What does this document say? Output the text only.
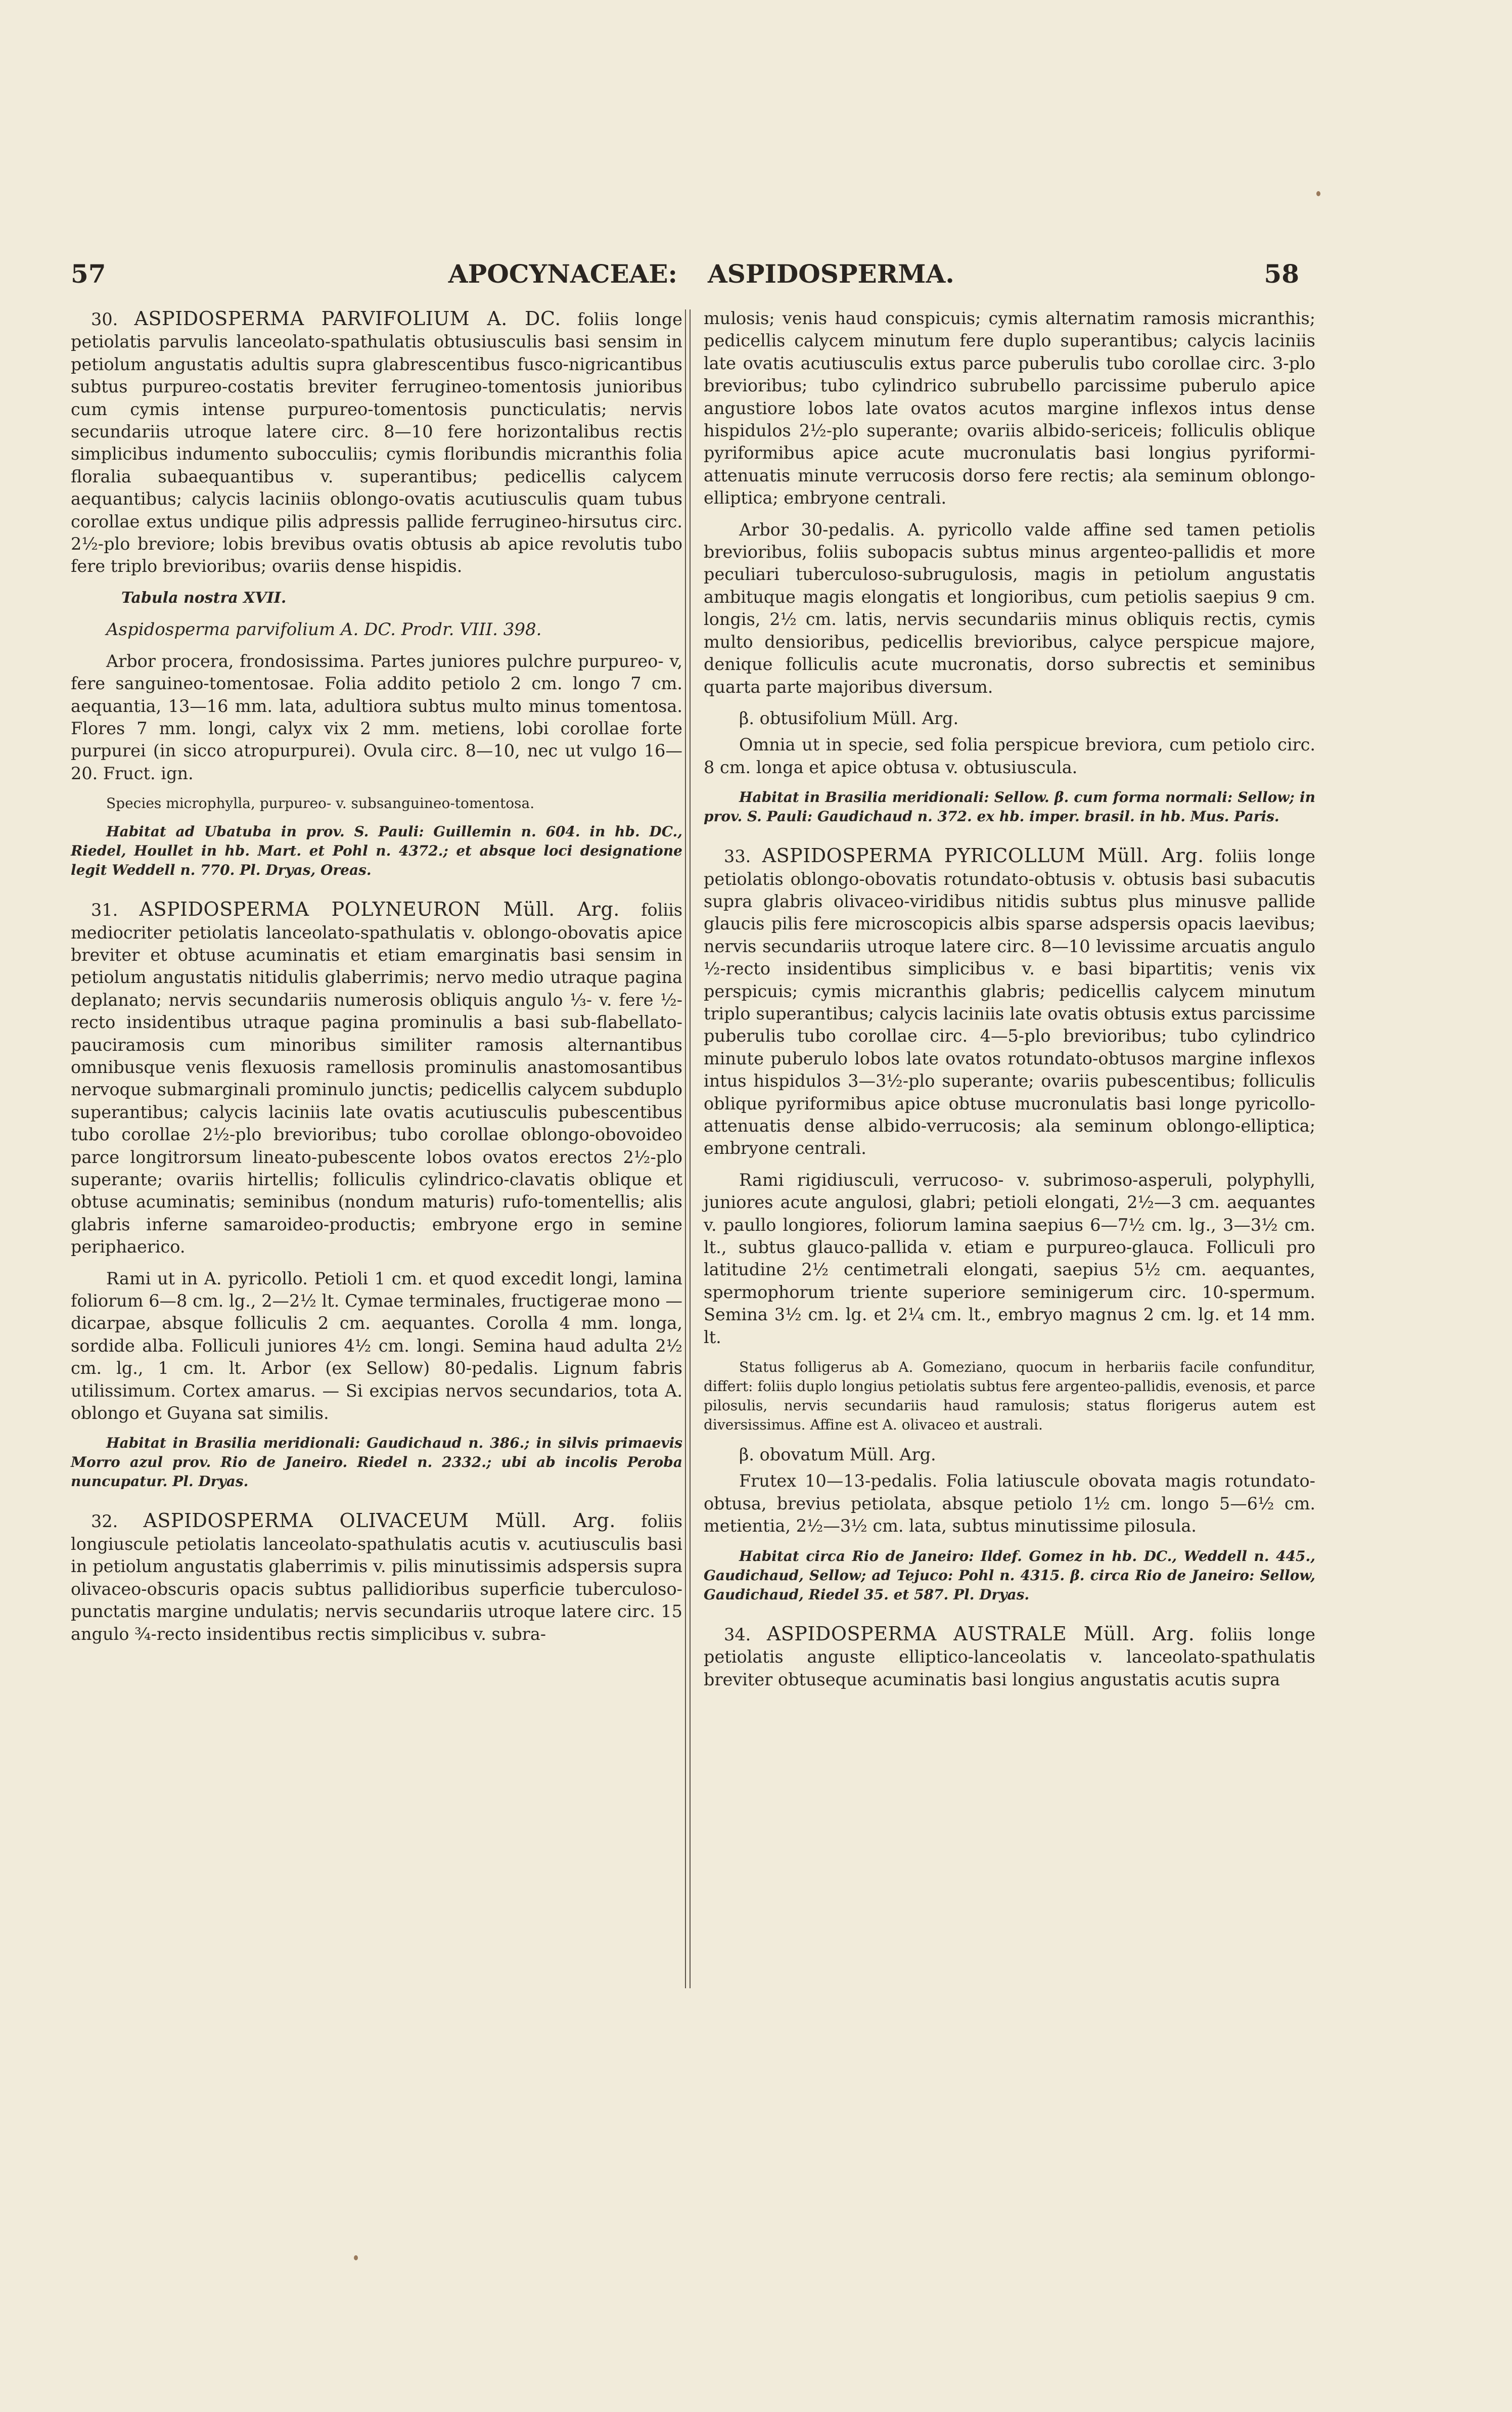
57	APOCYNACEAE: ASPIDOSPERMA.	58

30. ASPIDOSPERMA PARVIFOLIUM A. DC. foliis longe petiolatis parvulis lanceolato-spathulatis obtusiusculis basi sensim in petiolum angustatis adultis supra glabrescentibus fusco-nigricantibus subtus purpureo-costatis breviter ferrugineo-tomentosis junioribus cum cymis intense purpureo-tomentosis puncticulatis; nervis secundariis utroque latere circ. 8—10 fere horizontalibus rectis simplicibus indumento subocculiis; cymis floribundis micranthis folia floralia subaequantibus v. superantibus; pedicellis calycem aequantibus; calycis laciniis oblongo-ovatis acutiusculis quam tubus corollae extus undique pilis adpressis pallide ferrugineo-hirsutus circ. 2½-plo breviore; lobis brevibus ovatis obtusis ab apice revolutis tubo fere triplo brevioribus; ovariis dense hispidis.

Tabula nostra XVII.

Aspidosperma parvifolium A. DC. Prodr. VIII. 398.

Arbor procera, frondosissima. Partes juniores pulchre purpureo- v, fere sanguineo-tomentosae. Folia addito petiolo 2 cm. longo 7 cm. aequantia, 13—16 mm. lata, adultiora subtus multo minus tomentosa. Flores 7 mm. longi, calyx vix 2 mm. metiens, lobi corollae forte purpurei (in sicco atropurpurei). Ovula circ. 8—10, nec ut vulgo 16—20. Fruct. ign.

Species microphylla, purpureo- v. subsanguineo-tomentosa.

Habitat ad Ubatuba in prov. S. Pauli: Guillemin n. 604. in hb. DC., Riedel, Houllet in hb. Mart. et Pohl n. 4372.; et absque loci designatione legit Weddell n. 770. Pl. Dryas, Oreas.

31. ASPIDOSPERMA POLYNEURON Müll. Arg. foliis mediocriter petiolatis lanceolato-spathulatis v. oblongo-obovatis apice breviter et obtuse acuminatis et etiam emarginatis basi sensim in petiolum angustatis nitidulis glaberrimis; nervo medio utraque pagina deplanato; nervis secundariis numerosis obliquis angulo ⅓- v. fere ½-recto insidentibus utraque pagina prominulis a basi sub-flabellato-pauciramosis cum minoribus similiter ramosis alternantibus omnibusque venis flexuosis ramellosis prominulis anastomosantibus nervoque submarginali prominulo junctis; pedicellis calycem subduplo superantibus; calycis laciniis late ovatis acutiusculis pubescentibus tubo corollae 2½-plo brevioribus; tubo corollae oblongo-obovoideo parce longitrorsum lineato-pubescente lobos ovatos erectos 2½-plo superante; ovariis hirtellis; folliculis cylindrico-clavatis oblique et obtuse acuminatis; seminibus (nondum maturis) rufo-tomentellis; alis glabris inferne samaroideo-productis; embryone ergo in semine periphaerico.

Rami ut in A. pyricollo. Petioli 1 cm. et quod excedit longi, lamina foliorum 6—8 cm. lg., 2—2½ lt. Cymae terminales, fructigerae mono — dicarpae, absque folliculis 2 cm. aequantes. Corolla 4 mm. longa, sordide alba. Folliculi juniores 4½ cm. longi. Semina haud adulta 2½ cm. lg., 1 cm. lt. Arbor (ex Sellow) 80-pedalis. Lignum fabris utilissimum. Cortex amarus. — Si excipias nervos secundarios, tota A. oblongo et Guyana sat similis.

Habitat in Brasilia meridionali: Gaudichaud n. 386.; in silvis primaevis Morro azul prov. Rio de Janeiro. Riedel n. 2332.; ubi ab incolis Peroba nuncupatur. Pl. Dryas.

32. ASPIDOSPERMA OLIVACEUM Müll. Arg. foliis longiuscule petiolatis lanceolato-spathulatis acutis v. acutiusculis basi in petiolum angustatis glaberrimis v. pilis minutissimis adspersis supra olivaceo-obscuris opacis subtus pallidioribus superficie tuberculoso-punctatis margine undulatis; nervis secundariis utroque latere circ. 15 angulo ¾-recto insidentibus rectis simplicibus v. subra-

mulosis; venis haud conspicuis; cymis alternatim ramosis micranthis; pedicellis calycem minutum fere duplo superantibus; calycis laciniis late ovatis acutiusculis extus parce puberulis tubo corollae circ. 3-plo brevioribus; tubo cylindrico subrubello parcissime puberulo apice angustiore lobos late ovatos acutos margine inflexos intus dense hispidulos 2½-plo superante; ovariis albido-sericeis; folliculis oblique pyriformibus apice acute mucronulatis basi longius pyriformi-attenuatis minute verrucosis dorso fere rectis; ala seminum oblongo-elliptica; embryone centrali.

Arbor 30-pedalis. A. pyricollo valde affine sed tamen petiolis brevioribus, foliis subopacis subtus minus argenteo-pallidis et more peculiari tuberculoso-subrugulosis, magis in petiolum angustatis ambituque magis elongatis et longioribus, cum petiolis saepius 9 cm. longis, 2½ cm. latis, nervis secundariis minus obliquis rectis, cymis multo densioribus, pedicellis brevioribus, calyce perspicue majore, denique folliculis acute mucronatis, dorso subrectis et seminibus quarta parte majoribus diversum.

β. obtusifolium Müll. Arg.

Omnia ut in specie, sed folia perspicue breviora, cum petiolo circ. 8 cm. longa et apice obtusa v. obtusiuscula.

Habitat in Brasilia meridionali: Sellow. β. cum forma normali: Sellow; in prov. S. Pauli: Gaudichaud n. 372. ex hb. imper. brasil. in hb. Mus. Paris.

33. ASPIDOSPERMA PYRICOLLUM Müll. Arg. foliis longe petiolatis oblongo-obovatis rotundato-obtusis v. obtusis basi subacutis supra glabris olivaceo-viridibus nitidis subtus plus minusve pallide glaucis pilis fere microscopicis albis sparse adspersis opacis laevibus; nervis secundariis utroque latere circ. 8—10 levissime arcuatis angulo ½-recto insidentibus simplicibus v. e basi bipartitis; venis vix perspicuis; cymis micranthis glabris; pedicellis calycem minutum triplo superantibus; calycis laciniis late ovatis obtusis extus parcissime puberulis tubo corollae circ. 4—5-plo brevioribus; tubo cylindrico minute puberulo lobos late ovatos rotundato-obtusos margine inflexos intus hispidulos 3—3½-plo superante; ovariis pubescentibus; folliculis oblique pyriformibus apice obtuse mucronulatis basi longe pyricollo-attenuatis dense albido-verrucosis; ala seminum oblongo-elliptica; embryone centrali.

Rami rigidiusculi, verrucoso- v. subrimoso-asperuli, polyphylli, juniores acute angulosi, glabri; petioli elongati, 2½—3 cm. aequantes v. paullo longiores, foliorum lamina saepius 6—7½ cm. lg., 3—3½ cm. lt., subtus glauco-pallida v. etiam e purpureo-glauca. Folliculi pro latitudine 2½ centimetrali elongati, saepius 5½ cm. aequantes, spermophorum triente superiore seminigerum circ. 10-spermum. Semina 3½ cm. lg. et 2¼ cm. lt., embryo magnus 2 cm. lg. et 14 mm. lt.

Status folligerus ab A. Gomeziano, quocum in herbariis facile confunditur, differt: foliis duplo longius petiolatis subtus fere argenteo-pallidis, evenosis, et parce pilosulis, nervis secundariis haud ramulosis; status florigerus autem est diversissimus. Affine est A. olivaceo et australi.

β. obovatum Müll. Arg.

Frutex 10—13-pedalis. Folia latiuscule obovata magis rotundato-obtusa, brevius petiolata, absque petiolo 1½ cm. longo 5—6½ cm. metientia, 2½—3½ cm. lata, subtus minutissime pilosula.

Habitat circa Rio de Janeiro: Ildef. Gomez in hb. DC., Weddell n. 445., Gaudichaud, Sellow; ad Tejuco: Pohl n. 4315. β. circa Rio de Janeiro: Sellow, Gaudichaud, Riedel 35. et 587. Pl. Dryas.

34. ASPIDOSPERMA AUSTRALE Müll. Arg. foliis longe petiolatis anguste elliptico-lanceolatis v. lanceolato-spathulatis breviter obtuseque acuminatis basi longius angustatis acutis supra
